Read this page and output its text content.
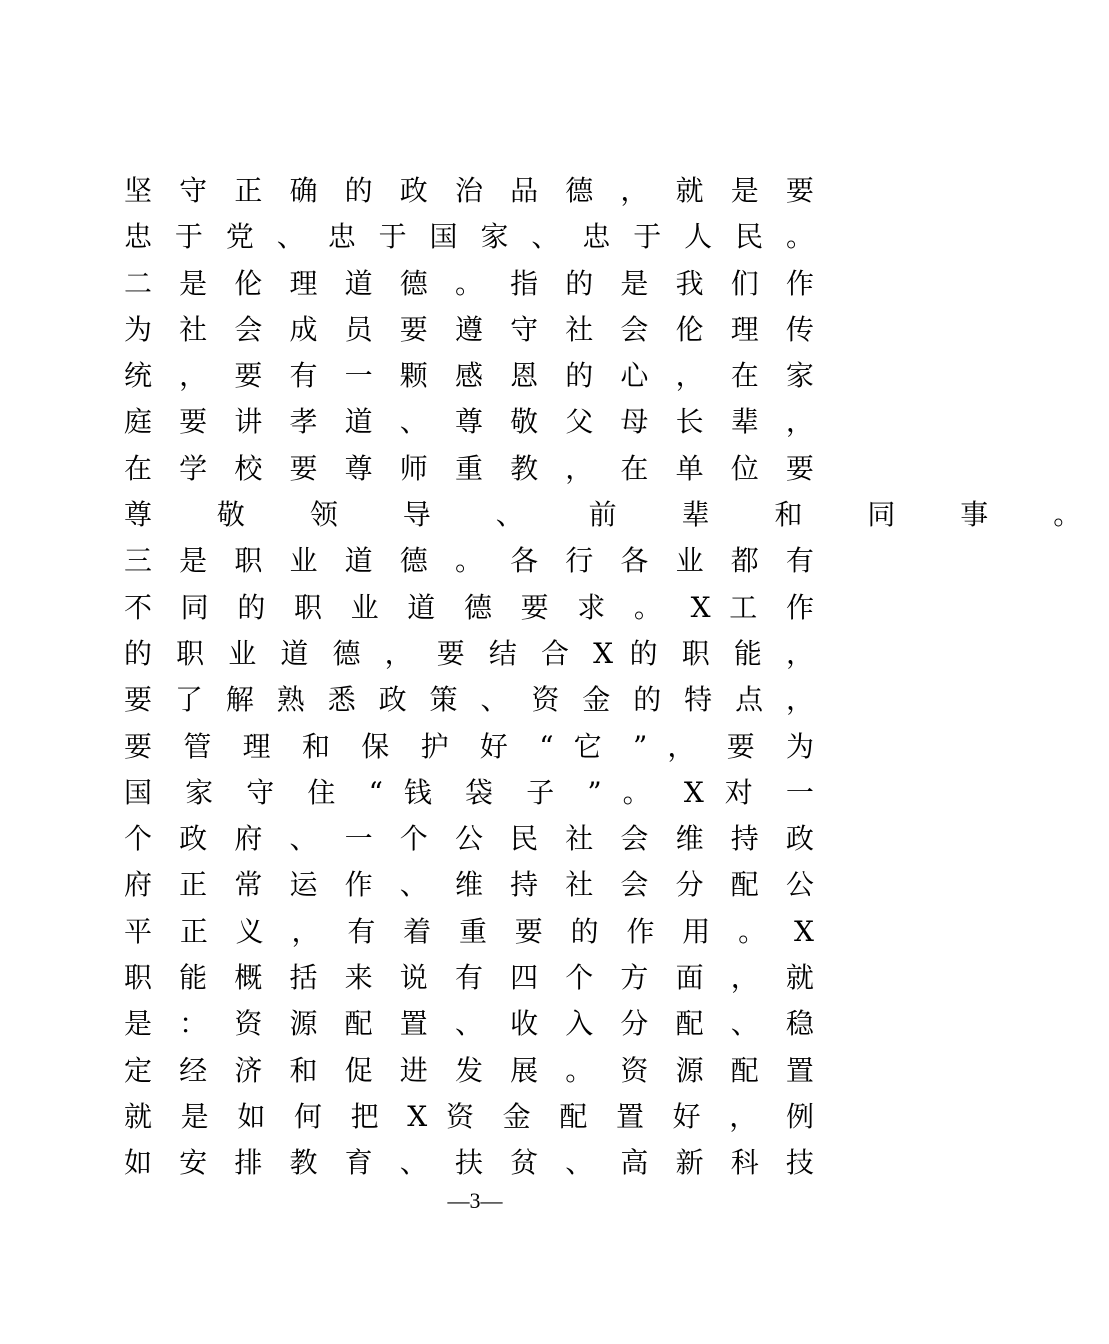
坚 守 正 确 的 政 治 品 德 ， 就 是 要
忠 于 党 、 忠 于 国 家 、 忠 于 人 民 。
二 是 伦 理 道 德 。 指 的 是 我 们 作
为 社 会 成 员 要 遵 守 社 会 伦 理 传
统 ， 要 有 一 颗 感 恩 的 心 ， 在 家
庭 要 讲 孝 道 、 尊 敬 父 母 长 辈 ，
在 学 校 要 尊 师 重 教 ， 在 单 位 要
尊 敬 领 导 、 前 辈 和 同 事 。
三 是 职 业 道 德 。 各 行 各 业 都 有
不 同 的 职 业 道 德 要 求 。 X 工 作
的 职 业 道 德 ， 要 结 合 X 的 职 能 ，
要 了 解 熟 悉 政 策 、 资 金 的 特 点 ，
要 管 理 和 保 护 好 “ 它 ” ， 要 为
国 家 守 住 “ 钱 袋 子 ” 。 X 对 一
个 政 府 、 一 个 公 民 社 会 维 持 政
府 正 常 运 作 、 维 持 社 会 分 配 公
平 正 义 ， 有 着 重 要 的 作 用 。 X
职 能 概 括 来 说 有 四 个 方 面 ， 就
是 ： 资 源 配 置 、 收 入 分 配 、 稳
定 经 济 和 促 进 发 展 。 资 源 配 置
就 是 如 何 把 X 资 金 配 置 好 ， 例
如 安 排 教 育 、 扶 贫 、 高 新 科 技
—3—
